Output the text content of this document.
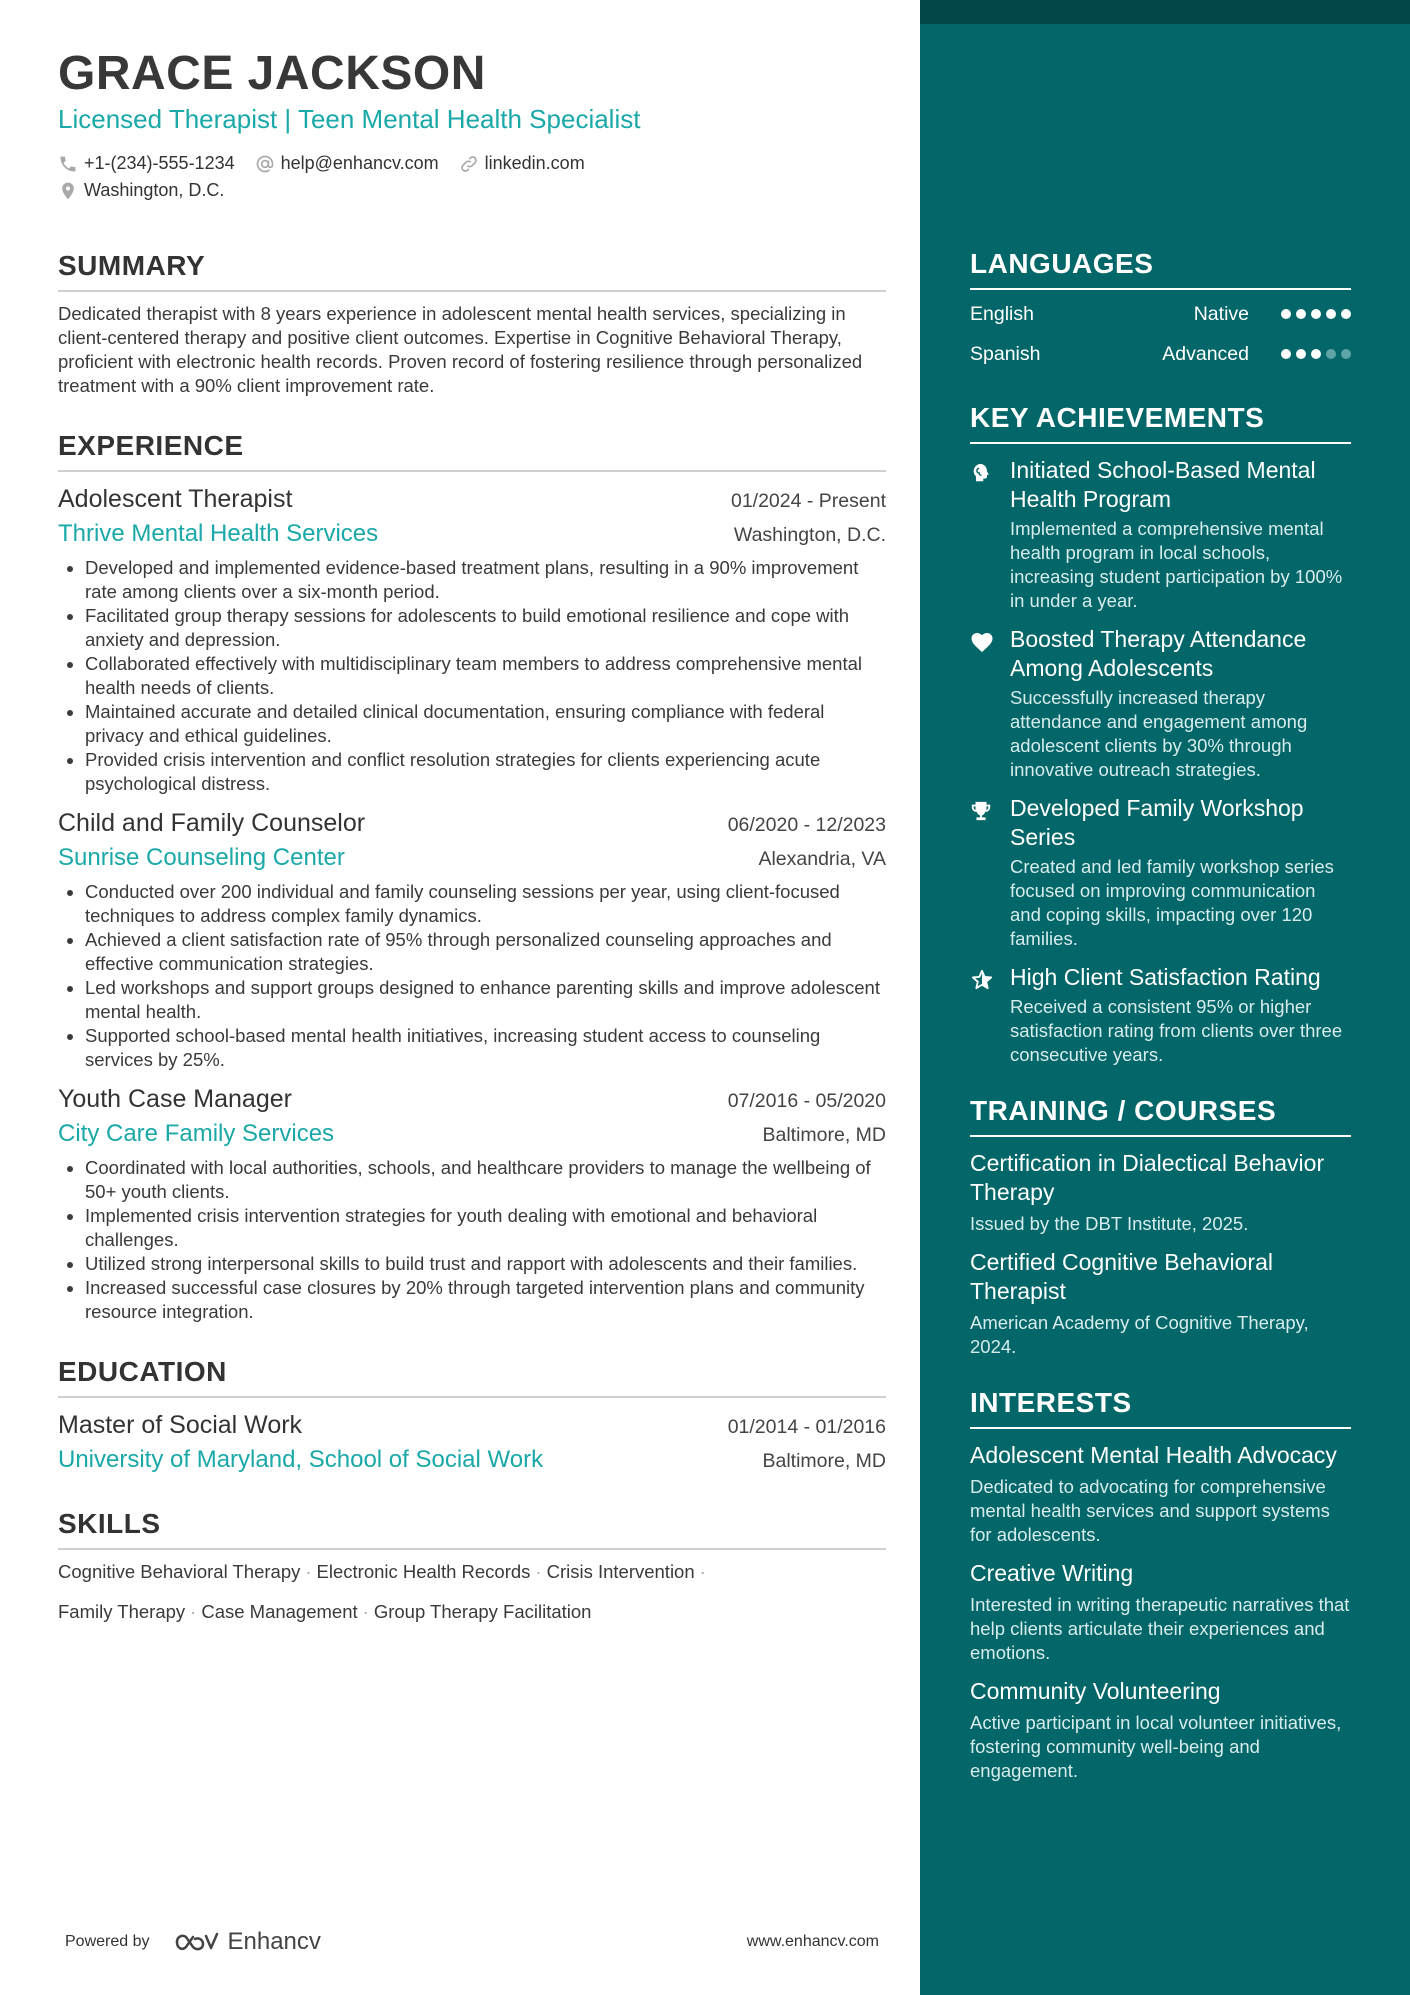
GRACE JACKSON
Licensed Therapist | Teen Mental Health Specialist
+1-(234)-555-1234	help@enhancv.com	linkedin.com
Washington, D.C.
SUMMARY
Dedicated therapist with 8 years experience in adolescent mental health services, specializing in client-centered therapy and positive client outcomes. Expertise in Cognitive Behavioral Therapy, proficient with electronic health records. Proven record of fostering resilience through personalized treatment with a 90% client improvement rate.
EXPERIENCE
Adolescent Therapist	01/2024 - Present
Thrive Mental Health Services	Washington, D.C.
• Developed and implemented evidence-based treatment plans, resulting in a 90% improvement rate among clients over a six-month period.
• Facilitated group therapy sessions for adolescents to build emotional resilience and cope with anxiety and depression.
• Collaborated effectively with multidisciplinary team members to address comprehensive mental health needs of clients.
• Maintained accurate and detailed clinical documentation, ensuring compliance with federal privacy and ethical guidelines.
• Provided crisis intervention and conflict resolution strategies for clients experiencing acute psychological distress.
Child and Family Counselor	06/2020 - 12/2023
Sunrise Counseling Center	Alexandria, VA
• Conducted over 200 individual and family counseling sessions per year, using client-focused techniques to address complex family dynamics.
• Achieved a client satisfaction rate of 95% through personalized counseling approaches and effective communication strategies.
• Led workshops and support groups designed to enhance parenting skills and improve adolescent mental health.
• Supported school-based mental health initiatives, increasing student access to counseling services by 25%.
Youth Case Manager	07/2016 - 05/2020
City Care Family Services	Baltimore, MD
• Coordinated with local authorities, schools, and healthcare providers to manage the wellbeing of 50+ youth clients.
• Implemented crisis intervention strategies for youth dealing with emotional and behavioral challenges.
• Utilized strong interpersonal skills to build trust and rapport with adolescents and their families.
• Increased successful case closures by 20% through targeted intervention plans and community resource integration.
EDUCATION
Master of Social Work	01/2014 - 01/2016
University of Maryland, School of Social Work	Baltimore, MD
SKILLS
Cognitive Behavioral Therapy · Electronic Health Records · Crisis Intervention ·
Family Therapy · Case Management · Group Therapy Facilitation
Powered by	Enhancv	www.enhancv.com
LANGUAGES
English	Native
Spanish	Advanced
KEY ACHIEVEMENTS
Initiated School-Based Mental Health Program
Implemented a comprehensive mental health program in local schools, increasing student participation by 100% in under a year.
Boosted Therapy Attendance Among Adolescents
Successfully increased therapy attendance and engagement among adolescent clients by 30% through innovative outreach strategies.
Developed Family Workshop Series
Created and led family workshop series focused on improving communication and coping skills, impacting over 120 families.
High Client Satisfaction Rating
Received a consistent 95% or higher satisfaction rating from clients over three consecutive years.
TRAINING / COURSES
Certification in Dialectical Behavior Therapy
Issued by the DBT Institute, 2025.
Certified Cognitive Behavioral Therapist
American Academy of Cognitive Therapy, 2024.
INTERESTS
Adolescent Mental Health Advocacy
Dedicated to advocating for comprehensive mental health services and support systems for adolescents.
Creative Writing
Interested in writing therapeutic narratives that help clients articulate their experiences and emotions.
Community Volunteering
Active participant in local volunteer initiatives, fostering community well-being and engagement.
